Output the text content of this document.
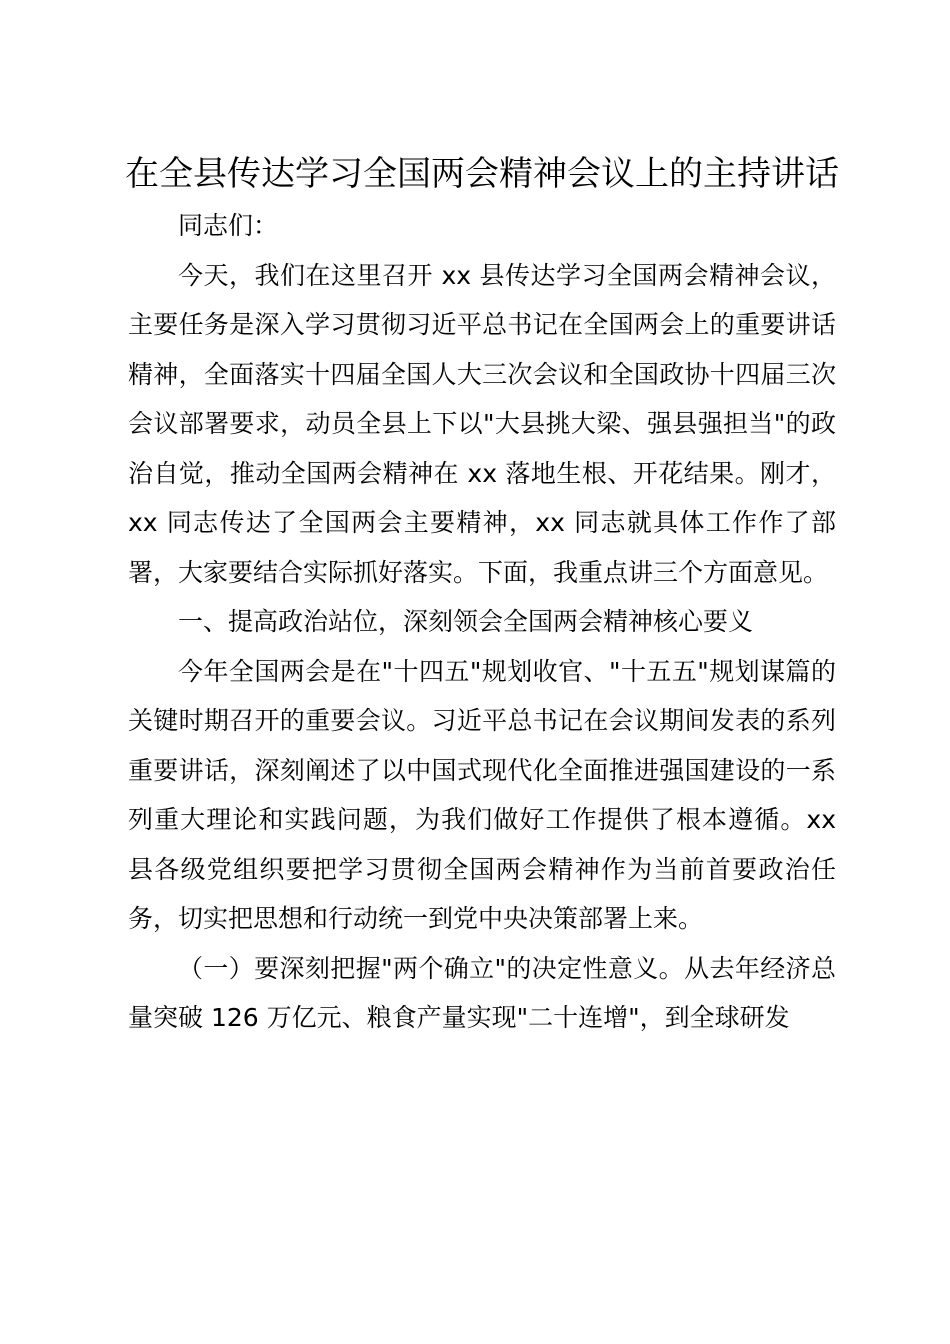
在全县传达学习全国两会精神会议上的主持讲话

同志们：

今天，我们在这里召开 xx 县传达学习全国两会精神会议，主要任务是深入学习贯彻习近平总书记在全国两会上的重要讲话精神，全面落实十四届全国人大三次会议和全国政协十四届三次会议部署要求，动员全县上下以"大县挑大梁、强县强担当"的政治自觉，推动全国两会精神在 xx 落地生根、开花结果。刚才，xx 同志传达了全国两会主要精神，xx 同志就具体工作作了部署，大家要结合实际抓好落实。下面，我重点讲三个方面意见。

一、提高政治站位，深刻领会全国两会精神核心要义

今年全国两会是在"十四五"规划收官、"十五五"规划谋篇的关键时期召开的重要会议。习近平总书记在会议期间发表的系列重要讲话，深刻阐述了以中国式现代化全面推进强国建设的一系列重大理论和实践问题，为我们做好工作提供了根本遵循。xx 县各级党组织要把学习贯彻全国两会精神作为当前首要政治任务，切实把思想和行动统一到党中央决策部署上来。

（一）要深刻把握"两个确立"的决定性意义。从去年经济总量突破 126 万亿元、粮食产量实现"二十连增"，到全球研发
